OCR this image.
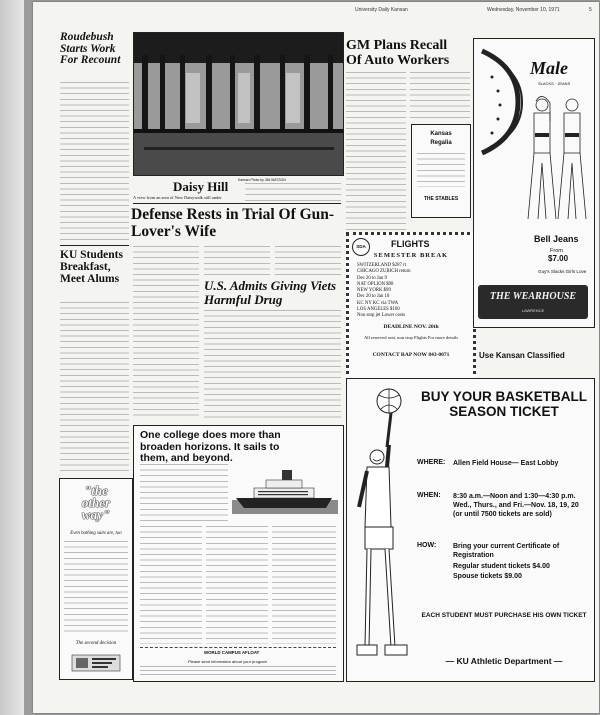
University Daily Kansan	Wednesday, November 10, 1971	5
Roudebush Starts Work For Recount
KU Students Breakfast, Meet Alums
"the
other
way"
Even bathing suits are, too
The second decision
Daisy Hill	Kansan Photo by JIM WATSON
A view from an area of New Daisywalk still under
Defense Rests in Trial Of Gun-Lover's Wife
U.S. Admits Giving Viets Harmful Drug
One college does more than broaden horizons. It sails to them, and beyond.
WORLD CAMPUS AFLOAT
Please send information about your program
GM Plans Recall Of Auto Workers
Kansas
Regalia
THE STABLES
SDA	FLIGHTS
SEMESTER BREAK
SWITZERLAND $287 rt
CHICAGO ZURICH return
Dec 20 to Jan 9
NAT OPLION $98
NEW YORK $99
Dec 20 to Jan 10
KC NY KC via TWA
LOS ANGELES $160
Non stop jet Lower costs
DEADLINE NOV. 20th
All reserved seat, non stop Flights For more details
CONTACT RAP NOW 843-0071
Male
SLACKS · JEANS
Bell Jeans
From
$7.00
Guy's Slacks Girls Love
THE WEARHOUSE
LAWRENCE
Use Kansan Classified
BUY YOUR BASKETBALL SEASON TICKET
WHERE: Allen Field House— East Lobby
WHEN: 8:30 a.m.—Noon and 1:30—4:30 p.m. Wed., Thurs., and Fri.—Nov. 18, 19, 20 (or until 7500 tickets are sold)
HOW: Bring your current Certificate of Registration
Regular student tickets $4.00
Spouse tickets $9.00
EACH STUDENT MUST PURCHASE HIS OWN TICKET
— KU Athletic Department —
